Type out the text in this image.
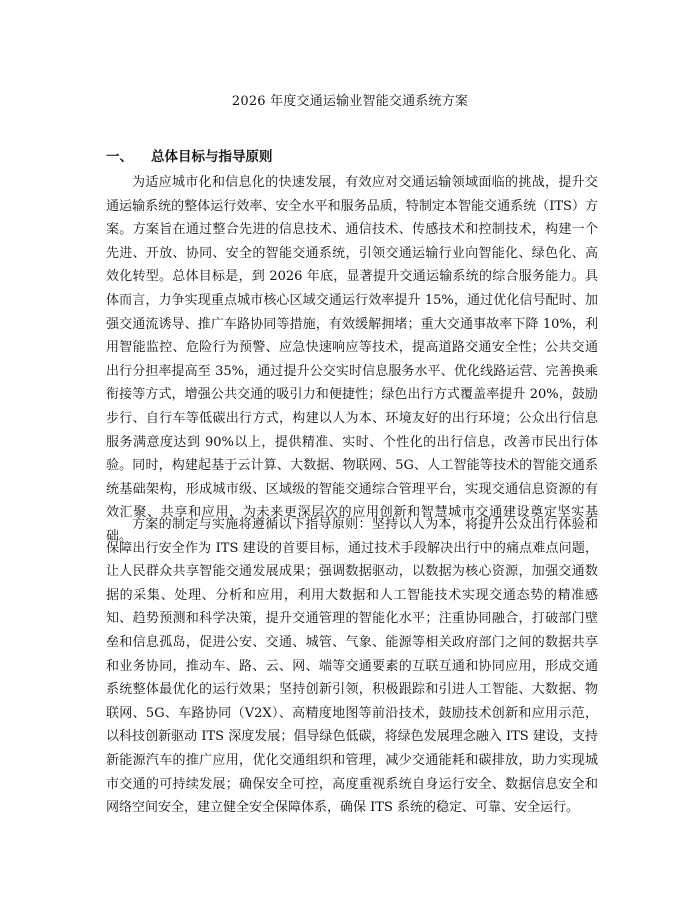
2026 年度交通运输业智能交通系统方案
一、 总体目标与指导原则

为适应城市化和信息化的快速发展，有效应对交通运输领域面临的挑战，提升交通运输系统的整体运行效率、安全水平和服务品质，特制定本智能交通系统（ITS）方案。方案旨在通过整合先进的信息技术、通信技术、传感技术和控制技术，构建一个先进、开放、协同、安全的智能交通系统，引领交通运输行业向智能化、绿色化、高效化转型。总体目标是，到 2026 年底，显著提升交通运输系统的综合服务能力。具体而言，力争实现重点城市核心区域交通运行效率提升 15%，通过优化信号配时、加强交通流诱导、推广车路协同等措施，有效缓解拥堵；重大交通事故率下降 10%，利用智能监控、危险行为预警、应急快速响应等技术，提高道路交通安全性；公共交通出行分担率提高至 35%，通过提升公交实时信息服务水平、优化线路运营、完善换乘衔接等方式，增强公共交通的吸引力和便捷性；绿色出行方式覆盖率提升 20%，鼓励步行、自行车等低碳出行方式，构建以人为本、环境友好的出行环境；公众出行信息服务满意度达到 90%以上，提供精准、实时、个性化的出行信息，改善市民出行体验。同时，构建起基于云计算、大数据、物联网、5G、人工智能等技术的智能交通系统基础架构，形成城市级、区域级的智能交通综合管理平台，实现交通信息资源的有效汇聚、共享和应用，为未来更深层次的应用创新和智慧城市交通建设奠定坚实基础。

方案的制定与实施将遵循以下指导原则：坚持以人为本，将提升公众出行体验和保障出行安全作为 ITS 建设的首要目标，通过技术手段解决出行中的痛点难点问题，让人民群众共享智能交通发展成果；强调数据驱动，以数据为核心资源，加强交通数据的采集、处理、分析和应用，利用大数据和人工智能技术实现交通态势的精准感知、趋势预测和科学决策，提升交通管理的智能化水平；注重协同融合，打破部门壁垒和信息孤岛，促进公安、交通、城管、气象、能源等相关政府部门之间的数据共享和业务协同，推动车、路、云、网、端等交通要素的互联互通和协同应用，形成交通系统整体最优化的运行效果；坚持创新引领，积极跟踪和引进人工智能、大数据、物联网、5G、车路协同（V2X）、高精度地图等前沿技术，鼓励技术创新和应用示范，以科技创新驱动 ITS 深度发展；倡导绿色低碳，将绿色发展理念融入 ITS 建设，支持新能源汽车的推广应用，优化交通组织和管理，减少交通能耗和碳排放，助力实现城市交通的可持续发展；确保安全可控，高度重视系统自身运行安全、数据信息安全和网络空间安全，建立健全安全保障体系，确保 ITS 系统的稳定、可靠、安全运行。
